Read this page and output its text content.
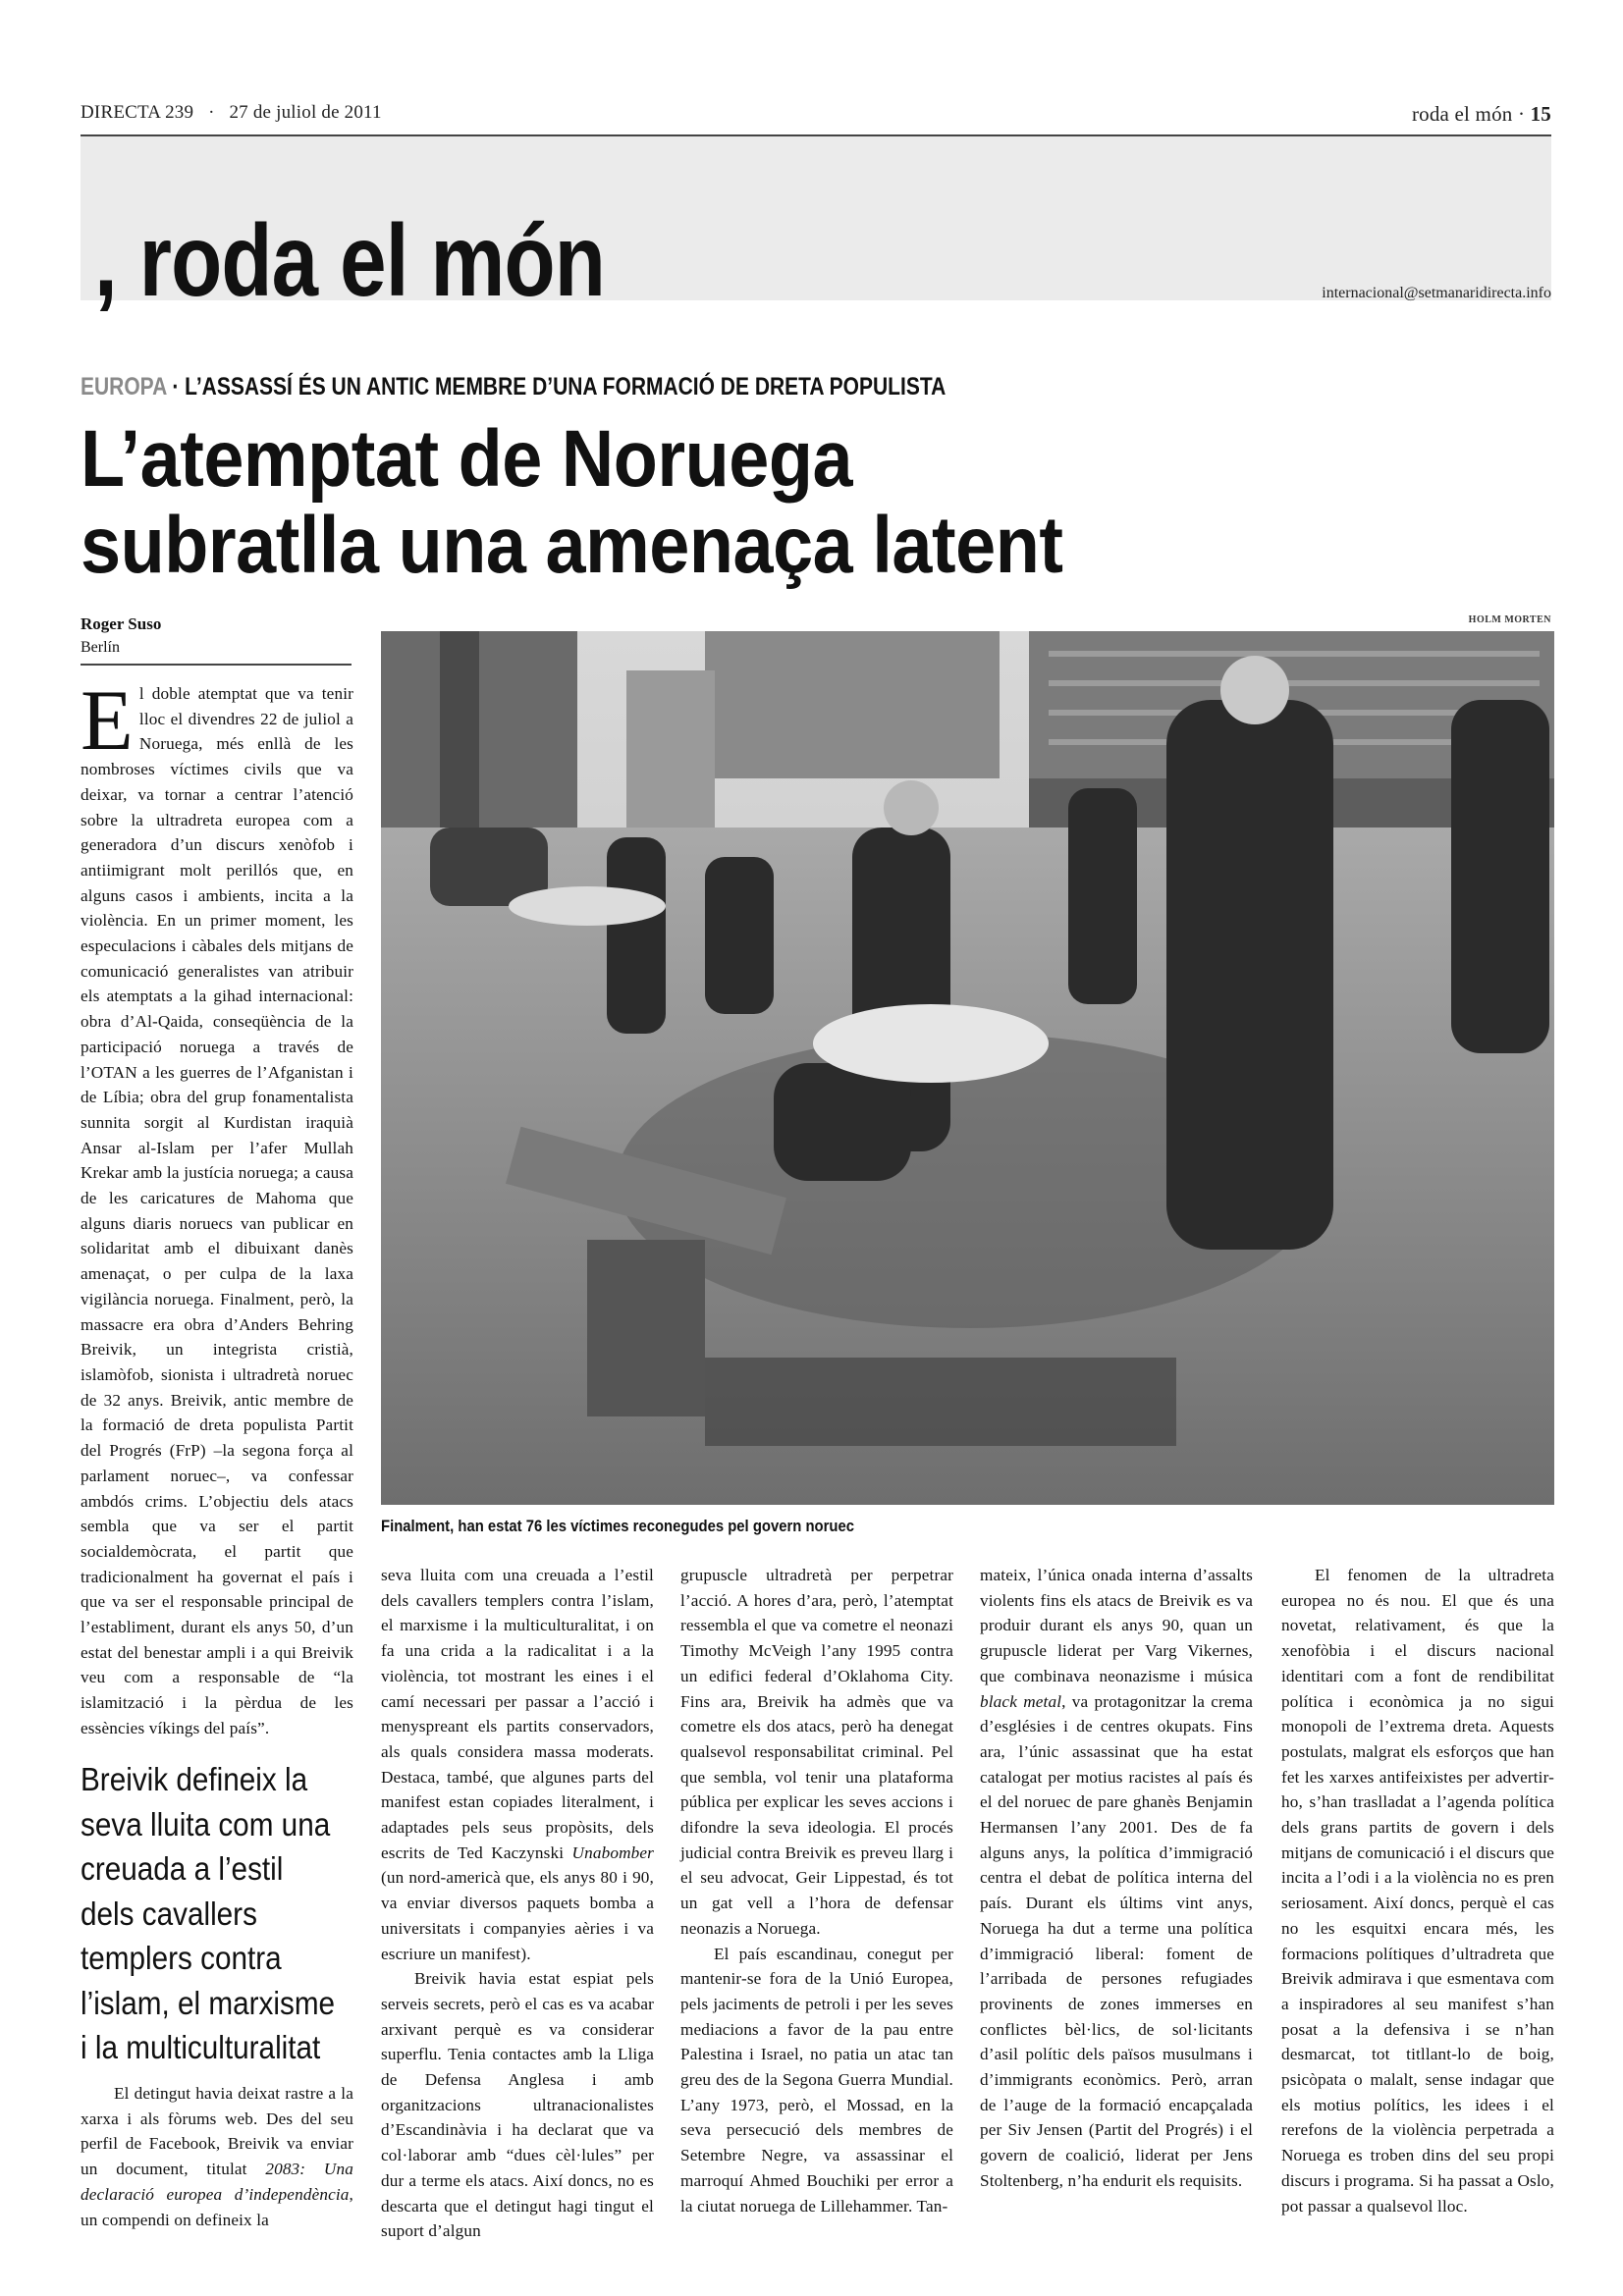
DIRECTA 239 · 27 de juliol de 2011	roda el món · 15
, roda el món	internacional@setmanaridirecta.info
EUROPA · L’ASSASSÍ ÉS UN ANTIC MEMBRE D’UNA FORMACIÓ DE DRETA POPULISTA
L’atemptat de Noruega
subratlla una amenaça latent
Roger Suso
Berlín
HOLM MORTEN
Finalment, han estat 76 les víctimes reconegudes pel govern noruec

El doble atemptat que va tenir lloc el divendres 22 de juliol a Noruega, més enllà de les nombroses víctimes civils que va deixar, va tornar a centrar l’atenció sobre la ultradreta europea com a generadora d’un discurs xenòfob i antiimigrant molt perillós que, en alguns casos i ambients, incita a la violència. En un primer moment, les especulacions i càbales dels mitjans de comunicació generalistes van atribuir els atemptats a la gihad internacional: obra d’Al-Qaida, conseqüència de la participació noruega a través de l’OTAN a les guerres de l’Afganistan i de Líbia; obra del grup fonamentalista sunnita sorgit al Kurdistan iraquià Ansar al-Islam per l’afer Mullah Krekar amb la justícia noruega; a causa de les caricatures de Mahoma que alguns diaris noruecs van publicar en solidaritat amb el dibuixant danès amenaçat, o per culpa de la laxa vigilància noruega. Finalment, però, la massacre era obra d’Anders Behring Breivik, un integrista cristià, islamòfob, sionista i ultradretà noruec de 32 anys. Breivik, antic membre de la formació de dreta populista Partit del Progrés (FrP) –la segona força al parlament noruec–, va confessar ambdós crims. L’objectiu dels atacs sembla que va ser el partit socialdemòcrata, el partit que tradicionalment ha governat el país i que va ser el responsable principal de l’establiment, durant els anys 50, d’un estat del benestar ampli i a qui Breivik veu com a responsable de “la islamització i la pèrdua de les essències víkings del país”.

Breivik defineix la
seva lluita com una
creuada a l’estil
dels cavallers
templers contra
l’islam, el marxisme
i la multiculturalitat

El detingut havia deixat rastre a la xarxa i als fòrums web. Des del seu perfil de Facebook, Breivik va enviar un document, titulat 2083: Una declaració europea d’independència, un compendi on defineix la

seva lluita com una creuada a l’estil dels cavallers templers contra l’islam, el marxisme i la multiculturalitat, i on fa una crida a la radicalitat i a la violència, tot mostrant les eines i el camí necessari per passar a l’acció i menyspreant els partits conservadors, als quals considera massa moderats. Destaca, també, que algunes parts del manifest estan copiades literalment, i adaptades pels seus propòsits, dels escrits de Ted Kaczynski Unabomber (un nord-americà que, els anys 80 i 90, va enviar diversos paquets bomba a universitats i companyies aèries i va escriure un manifest).

Breivik havia estat espiat pels serveis secrets, però el cas es va acabar arxivant perquè es va considerar superflu. Tenia contactes amb la Lliga de Defensa Anglesa i amb organitzacions ultranacionalistes d’Escandinàvia i ha declarat que va col·laborar amb “dues cèl·lules” per dur a terme els atacs. Així doncs, no es descarta que el detingut hagi tingut el suport d’algun

grupuscle ultradretà per perpetrar l’acció. A hores d’ara, però, l’atemptat ressembla el que va cometre el neonazi Timothy McVeigh l’any 1995 contra un edifici federal d’Oklahoma City. Fins ara, Breivik ha admès que va cometre els dos atacs, però ha denegat qualsevol responsabilitat criminal. Pel que sembla, vol tenir una plataforma pública per explicar les seves accions i difondre la seva ideologia. El procés judicial contra Breivik es preveu llarg i el seu advocat, Geir Lippestad, és tot un gat vell a l’hora de defensar neonazis a Noruega.

El país escandinau, conegut per mantenir-se fora de la Unió Europea, pels jaciments de petroli i per les seves mediacions a favor de la pau entre Palestina i Israel, no patia un atac tan greu des de la Segona Guerra Mundial. L’any 1973, però, el Mossad, en la seva persecució dels membres de Setembre Negre, va assassinar el marroquí Ahmed Bouchiki per error a la ciutat noruega de Lillehammer. Tan-

mateix, l’única onada interna d’assalts violents fins els atacs de Breivik es va produir durant els anys 90, quan un grupuscle liderat per Varg Vikernes, que combinava neonazisme i música black metal, va protagonitzar la crema d’esglésies i de centres okupats. Fins ara, l’únic assassinat que ha estat catalogat per motius racistes al país és el del noruec de pare ghanès Benjamin Hermansen l’any 2001. Des de fa alguns anys, la política d’immigració centra el debat de política interna del país. Durant els últims vint anys, Noruega ha dut a terme una política d’immigració liberal: foment de l’arribada de persones refugiades provinents de zones immerses en conflictes bèl·lics, de sol·licitants d’asil polític dels països musulmans i d’immigrants econòmics. Però, arran de l’auge de la formació encapçalada per Siv Jensen (Partit del Progrés) i el govern de coalició, liderat per Jens Stoltenberg, n’ha endurit els requisits.

El fenomen de la ultradreta europea no és nou. El que és una novetat, relativament, és que la xenofòbia i el discurs nacional identitari com a font de rendibilitat política i econòmica ja no sigui monopoli de l’extrema dreta. Aquests postulats, malgrat els esforços que han fet les xarxes antifeixistes per advertir-ho, s’han traslladat a l’agenda política dels grans partits de govern i dels mitjans de comunicació i el discurs que incita a l’odi i a la violència no es pren seriosament. Així doncs, perquè el cas no les esquitxi encara més, les formacions polítiques d’ultradreta que Breivik admirava i que esmentava com a inspiradores al seu manifest s’han posat a la defensiva i se n’han desmarcat, tot titllant-lo de boig, psicòpata o malalt, sense indagar que els motius polítics, les idees i el rerefons de la violència perpetrada a Noruega es troben dins del seu propi discurs i programa. Si ha passat a Oslo, pot passar a qualsevol lloc.
